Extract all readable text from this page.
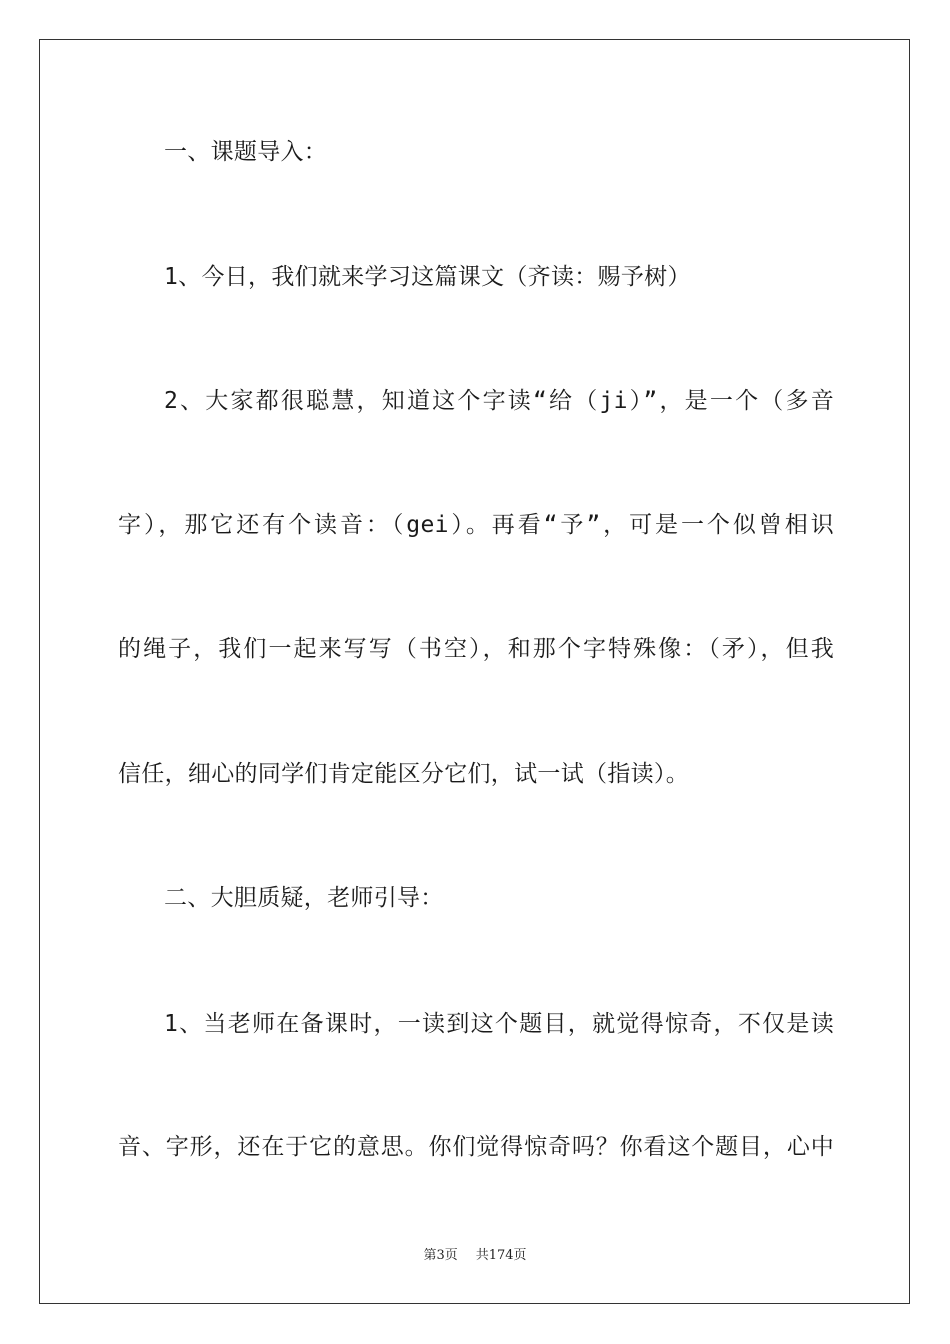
一、课题导入：
1、今日，我们就来学习这篇课文（齐读：赐予树）
2、大家都很聪慧，知道这个字读“给（ji）”，是一个（多音
字），那它还有个读音：（gei）。再看“予”，可是一个似曾相识
的绳子，我们一起来写写（书空），和那个字特殊像：（矛），但我
信任，细心的同学们肯定能区分它们，试一试（指读）。
二、大胆质疑，老师引导：
1、当老师在备课时，一读到这个题目，就觉得惊奇，不仅是读
音、字形，还在于它的意思。你们觉得惊奇吗？你看这个题目，心中
第3页 共174页
